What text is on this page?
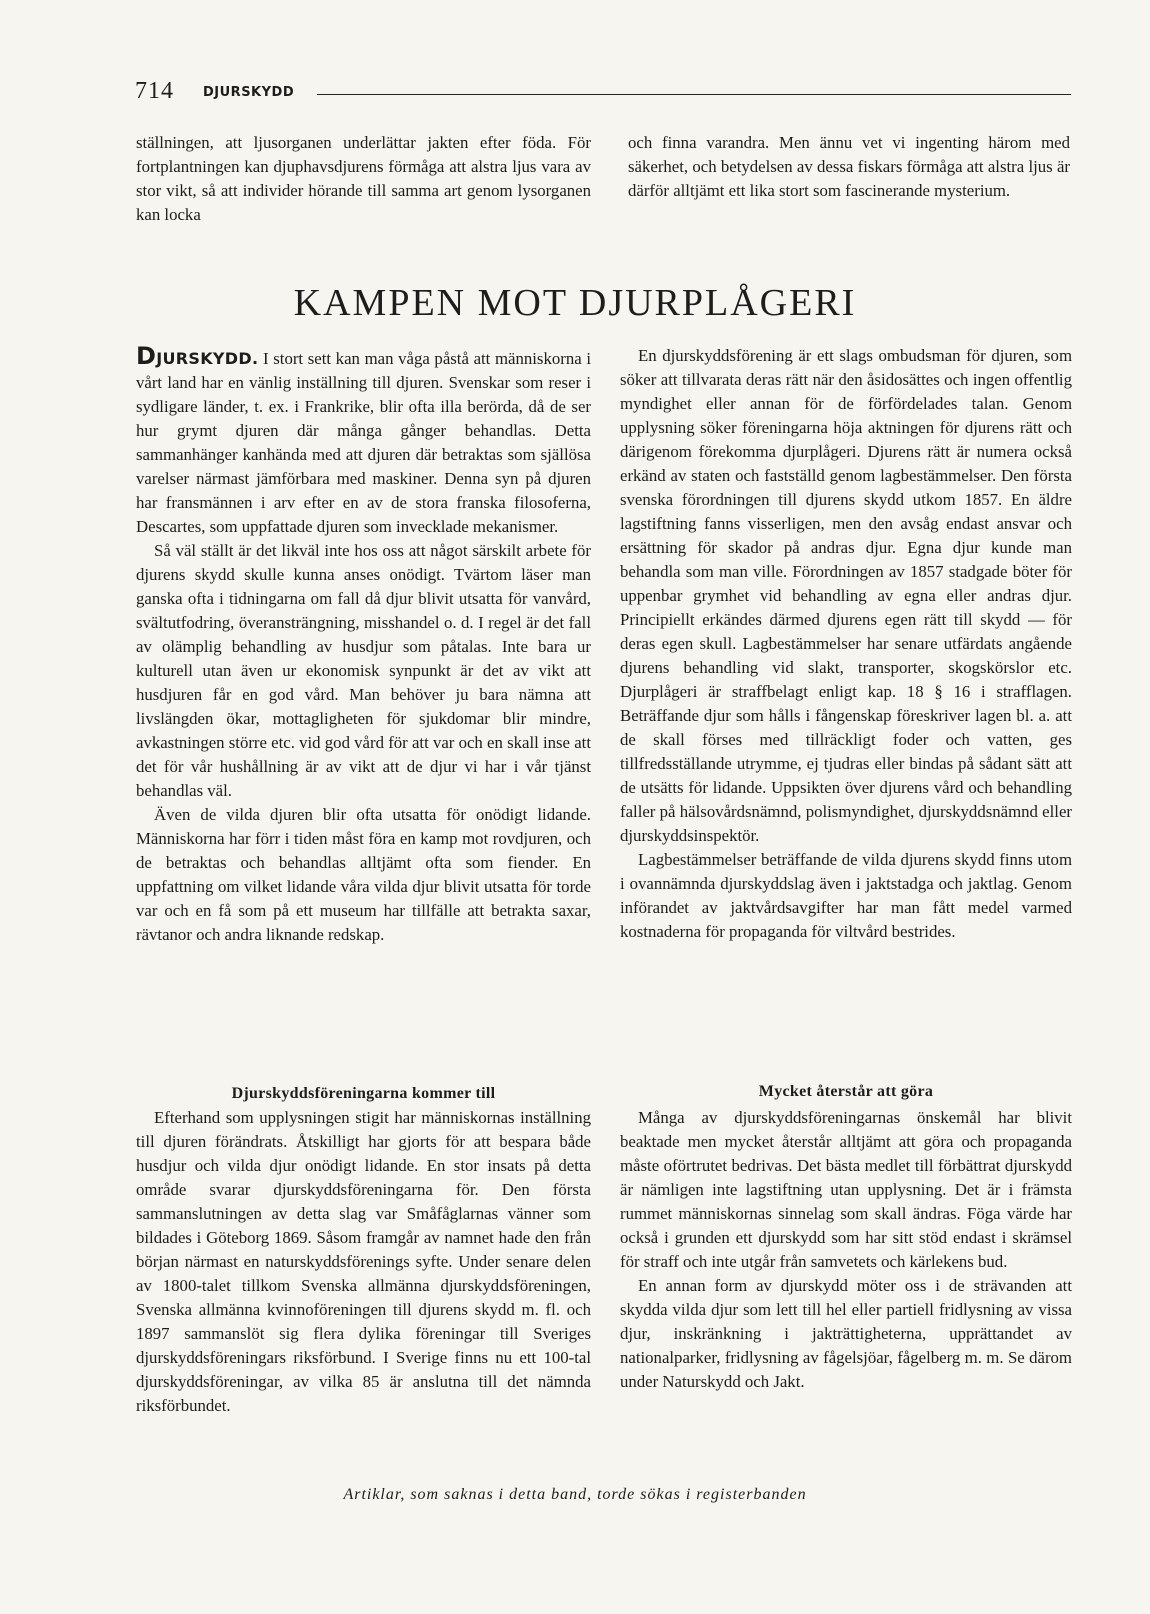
714 DJURSKYDD

ställningen, att ljusorganen underlättar jakten efter föda. För fortplantningen kan djuphavsdjurens förmåga att alstra ljus vara av stor vikt, så att individer hörande till samma art genom lysorganen kan locka

och finna varandra. Men ännu vet vi ingenting härom med säkerhet, och betydelsen av dessa fiskars förmåga att alstra ljus är därför alltjämt ett lika stort som fascinerande mysterium.

KAMPEN MOT DJURPLÅGERI

DJURSKYDD. I stort sett kan man våga påstå att människorna i vårt land har en vänlig inställning till djuren. Svenskar som reser i sydligare länder, t. ex. i Frankrike, blir ofta illa berörda, då de ser hur grymt djuren där många gånger behandlas. Detta sammanhänger kanhända med att djuren där betraktas som själlösa varelser närmast jämförbara med maskiner. Denna syn på djuren har fransmännen i arv efter en av de stora franska filosoferna, Descartes, som uppfattade djuren som invecklade mekanismer.

Så väl ställt är det likväl inte hos oss att något särskilt arbete för djurens skydd skulle kunna anses onödigt. Tvärtom läser man ganska ofta i tidningarna om fall då djur blivit utsatta för vanvård, svältutfodring, överansträngning, misshandel o. d. I regel är det fall av olämplig behandling av husdjur som påtalas. Inte bara ur kulturell utan även ur ekonomisk synpunkt är det av vikt att husdjuren får en god vård. Man behöver ju bara nämna att livslängden ökar, mottagligheten för sjukdomar blir mindre, avkastningen större etc. vid god vård för att var och en skall inse att det för vår hushållning är av vikt att de djur vi har i vår tjänst behandlas väl.

Även de vilda djuren blir ofta utsatta för onödigt lidande. Människorna har förr i tiden måst föra en kamp mot rovdjuren, och de betraktas och behandlas alltjämt ofta som fiender. En uppfattning om vilket lidande våra vilda djur blivit utsatta för torde var och en få som på ett museum har tillfälle att betrakta saxar, rävtanor och andra liknande redskap.

En djurskyddsförening är ett slags ombudsman för djuren, som söker att tillvarata deras rätt när den åsidosättes och ingen offentlig myndighet eller annan för de förfördelades talan. Genom upplysning söker föreningarna höja aktningen för djurens rätt och därigenom förekomma djurplågeri. Djurens rätt är numera också erkänd av staten och fastställd genom lagbestämmelser. Den första svenska förordningen till djurens skydd utkom 1857. En äldre lagstiftning fanns visserligen, men den avsåg endast ansvar och ersättning för skador på andras djur. Egna djur kunde man behandla som man ville. Förordningen av 1857 stadgade böter för uppenbar grymhet vid behandling av egna eller andras djur. Principiellt erkändes därmed djurens egen rätt till skydd — för deras egen skull. Lagbestämmelser har senare utfärdats angående djurens behandling vid slakt, transporter, skogskörslor etc. Djurplågeri är straffbelagt enligt kap. 18 § 16 i strafflagen. Beträffande djur som hålls i fångenskap föreskriver lagen bl. a. att de skall förses med tillräckligt foder och vatten, ges tillfredsställande utrymme, ej tjudras eller bindas på sådant sätt att de utsätts för lidande. Uppsikten över djurens vård och behandling faller på hälsovårdsnämnd, polismyndighet, djurskyddsnämnd eller djurskyddsinspektör.

Lagbestämmelser beträffande de vilda djurens skydd finns utom i ovannämnda djurskyddslag även i jaktstadga och jaktlag. Genom införandet av jaktvårdsavgifter har man fått medel varmed kostnaderna för propaganda för viltvård bestrides.

Djurskyddsföreningarna kommer till

Efterhand som upplysningen stigit har människornas inställning till djuren förändrats. Åtskilligt har gjorts för att bespara både husdjur och vilda djur onödigt lidande. En stor insats på detta område svarar djurskyddsföreningarna för. Den första sammanslutningen av detta slag var Småfåglarnas vänner som bildades i Göteborg 1869. Såsom framgår av namnet hade den från början närmast en naturskyddsförenings syfte. Under senare delen av 1800-talet tillkom Svenska allmänna djurskyddsföreningen, Svenska allmänna kvinnoföreningen till djurens skydd m. fl. och 1897 sammanslöt sig flera dylika föreningar till Sveriges djurskyddsföreningars riksförbund. I Sverige finns nu ett 100-tal djurskyddsföreningar, av vilka 85 är anslutna till det nämnda riksförbundet.

Mycket återstår att göra

Många av djurskyddsföreningarnas önskemål har blivit beaktade men mycket återstår alltjämt att göra och propaganda måste oförtrutet bedrivas. Det bästa medlet till förbättrat djurskydd är nämligen inte lagstiftning utan upplysning. Det är i främsta rummet människornas sinnelag som skall ändras. Föga värde har också i grunden ett djurskydd som har sitt stöd endast i skrämsel för straff och inte utgår från samvetets och kärlekens bud.

En annan form av djurskydd möter oss i de strävanden att skydda vilda djur som lett till hel eller partiell fridlysning av vissa djur, inskränkning i jakträttigheterna, upprättandet av nationalparker, fridlysning av fågelsjöar, fågelberg m. m. Se därom under Naturskydd och Jakt.

Artiklar, som saknas i detta band, torde sökas i registerbanden
